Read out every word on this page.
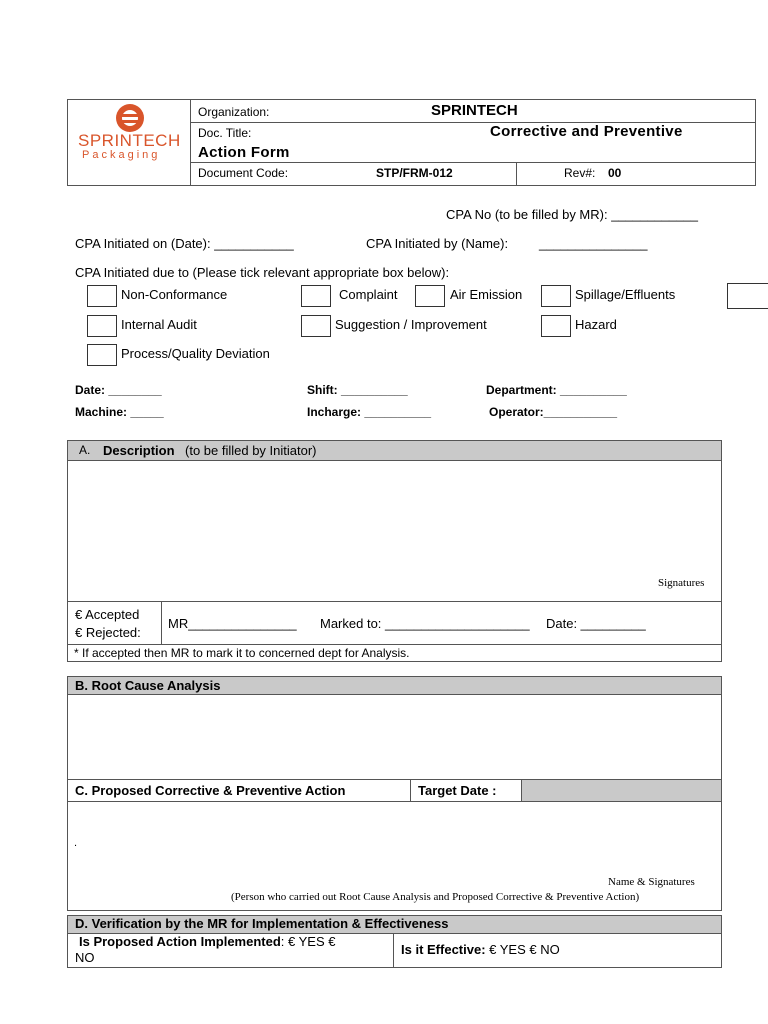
SPRINTECH
Packaging
Organization:	SPRINTECH
Doc. Title:	Corrective and Preventive
Action Form
Document Code:	STP/FRM-012	Rev#: 00
CPA No (to be filled by MR): ____________
CPA Initiated on (Date): ___________	CPA Initiated by (Name): _______________
CPA Initiated due to (Please tick relevant appropriate box below):
Non-Conformance	Complaint	Air Emission	Spillage/Effluents
Internal Audit	Suggestion / Improvement	Hazard
Process/Quality Deviation
Date: ________	Shift: __________	Department: __________
Machine: _____	Incharge: __________	Operator:___________
A. Description (to be filled by Initiator)
Signatures
€ Accepted
€ Rejected:
MR_______________ Marked to: ____________________ Date: _________
* If accepted then MR to mark it to concerned dept for Analysis.
B. Root Cause Analysis
C. Proposed Corrective & Preventive Action	Target Date :
.
Name & Signatures
(Person who carried out Root Cause Analysis and Proposed Corrective & Preventive Action)
D. Verification by the MR for Implementation & Effectiveness
Is Proposed Action Implemented: € YES €
NO
Is it Effective: € YES € NO
